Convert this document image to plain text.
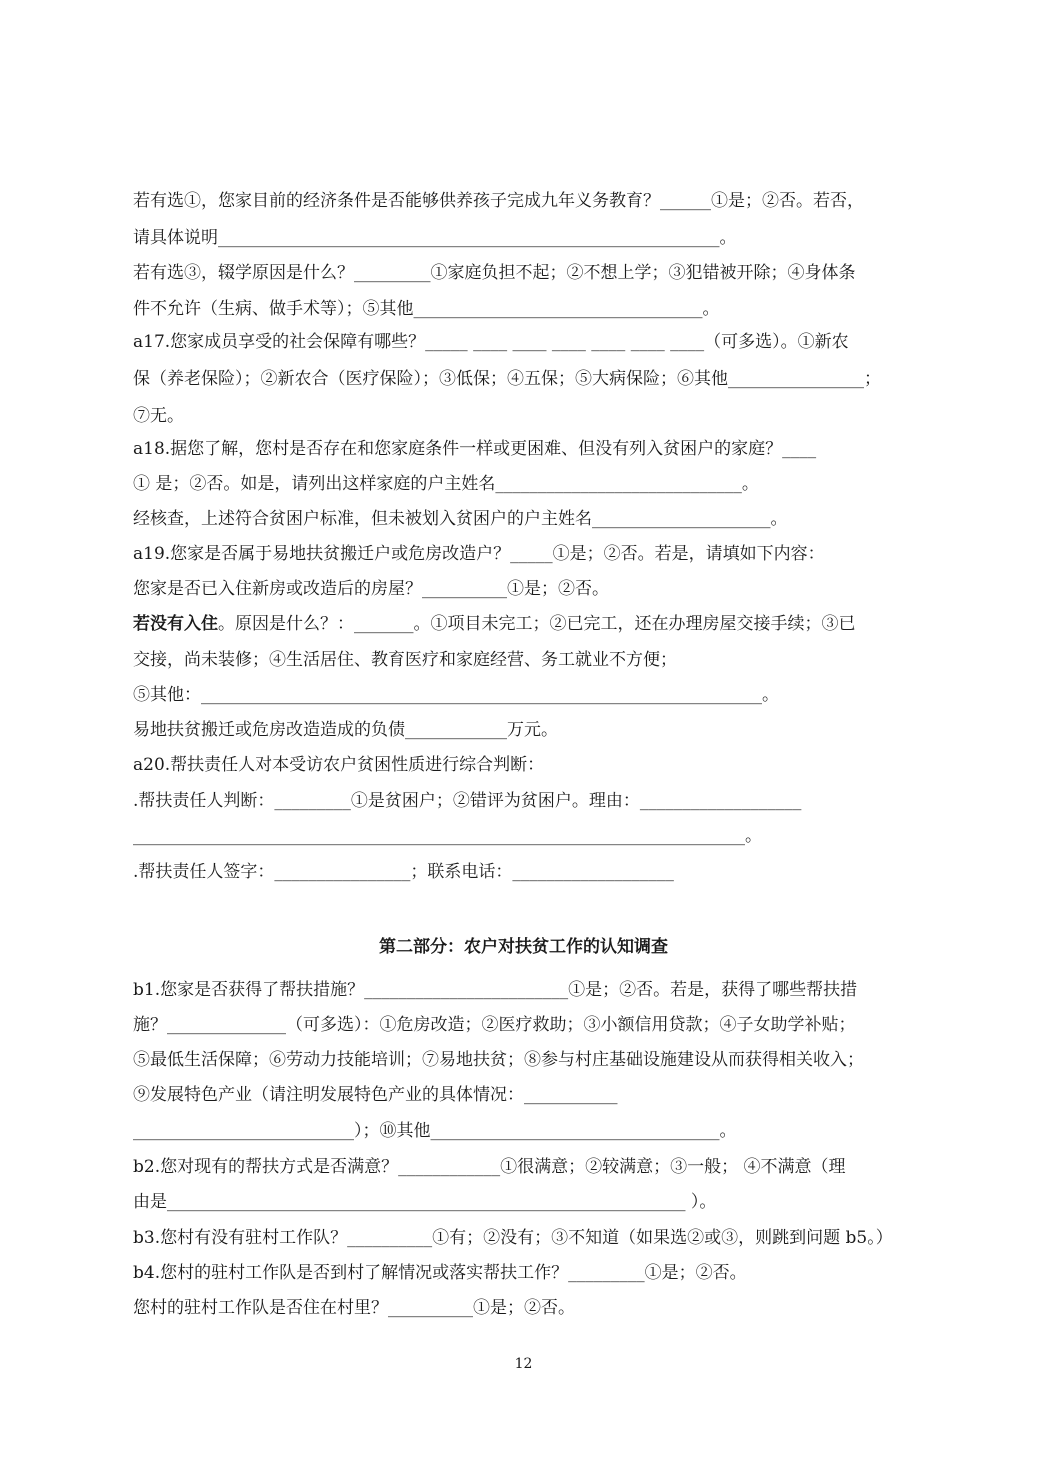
若有选①，您家目前的经济条件是否能够供养孩子完成九年义务教育？______①是；②否。若否，
请具体说明___________________________________________________________。
若有选③，辍学原因是什么？_________①家庭负担不起；②不想上学；③犯错被开除；④身体条
件不允许（生病、做手术等）；⑤其他__________________________________。
a17.您家成员享受的社会保障有哪些？_____ ____ ____ ____ ____ ____ ____（可多选）。①新农
保（养老保险）；②新农合（医疗保险）；③低保；④五保；⑤大病保险；⑥其他________________；
⑦无。
a18.据您了解，您村是否存在和您家庭条件一样或更困难、但没有列入贫困户的家庭？____
① 是；②否。如是，请列出这样家庭的户主姓名_____________________________。
经核查，上述符合贫困户标准，但未被划入贫困户的户主姓名_____________________。
a19.您家是否属于易地扶贫搬迁户或危房改造户？_____①是；②否。若是，请填如下内容：
您家是否已入住新房或改造后的房屋？__________①是；②否。
若没有入住。原因是什么？：_______。①项目未完工；②已完工，还在办理房屋交接手续；③已
交接，尚未装修；④生活居住、教育医疗和家庭经营、务工就业不方便；
⑤其他：__________________________________________________________________。
易地扶贫搬迁或危房改造造成的负债____________万元。
a20.帮扶责任人对本受访农户贫困性质进行综合判断：
.帮扶责任人判断：_________①是贫困户；②错评为贫困户。理由：___________________
________________________________________________________________________。
.帮扶责任人签字：________________；联系电话：___________________
第二部分：农户对扶贫工作的认知调查
b1.您家是否获得了帮扶措施？________________________①是；②否。若是，获得了哪些帮扶措
施？______________（可多选）：①危房改造；②医疗救助；③小额信用贷款；④子女助学补贴；
⑤最低生活保障；⑥劳动力技能培训；⑦易地扶贫；⑧参与村庄基础设施建设从而获得相关收入；
⑨发展特色产业（请注明发展特色产业的具体情况：___________
__________________________）；⑩其他__________________________________。
b2.您对现有的帮扶方式是否满意？____________①很满意；②较满意；③一般； ④不满意（理
由是_____________________________________________________________ ）。
b3.您村有没有驻村工作队？__________①有；②没有；③不知道（如果选②或③，则跳到问题 b5。）
b4.您村的驻村工作队是否到村了解情况或落实帮扶工作？_________①是；②否。
您村的驻村工作队是否住在村里？__________①是；②否。
12
